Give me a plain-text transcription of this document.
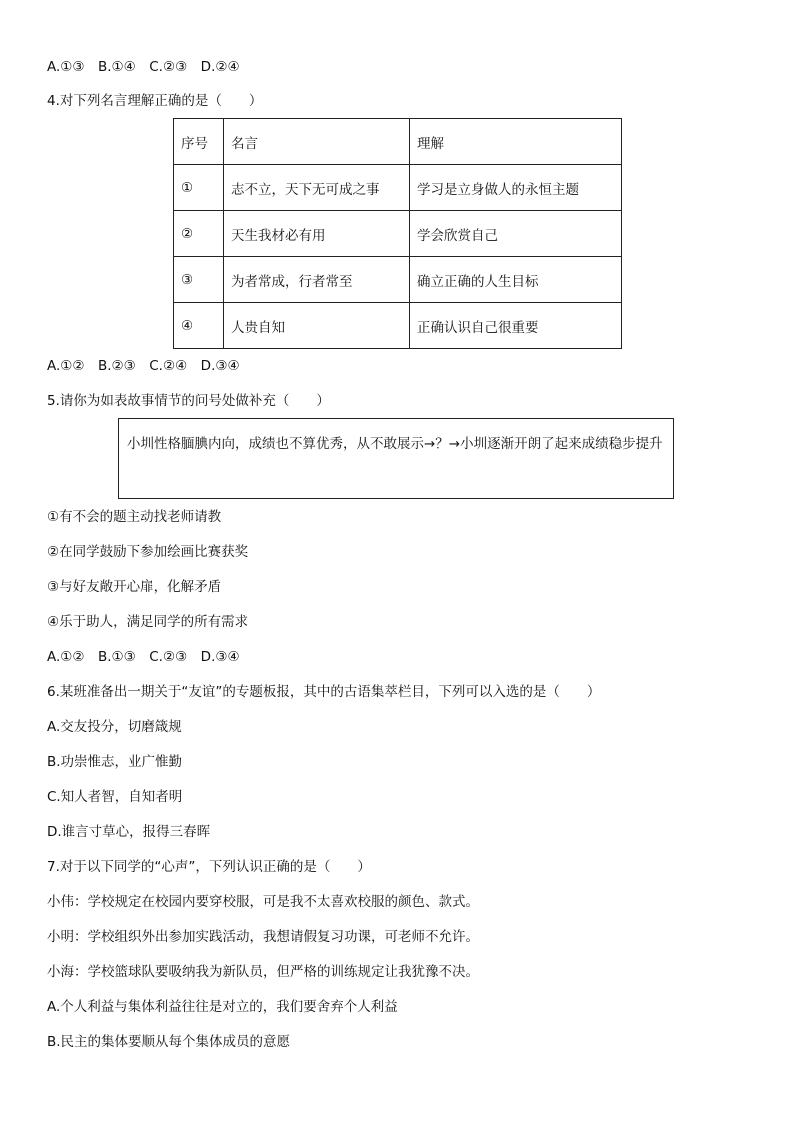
A.①③　B.①④　C.②③　D.②④
4.对下列名言理解正确的是（　　）
序号	名言	理解
①	志不立，天下无可成之事	学习是立身做人的永恒主题
②	天生我材必有用	学会欣赏自己
③	为者常成，行者常至	确立正确的人生目标
④	人贵自知	正确认识自己很重要
A.①②　B.②③　C.②④　D.③④
5.请你为如表故事情节的问号处做补充（　　）
小圳性格腼腆内向，成绩也不算优秀，从不敢展示→？→小圳逐渐开朗了起来成绩稳步提升
①有不会的题主动找老师请教
②在同学鼓励下参加绘画比赛获奖
③与好友敞开心扉，化解矛盾
④乐于助人，满足同学的所有需求
A.①②　B.①③　C.②③　D.③④
6.某班准备出一期关于“友谊”的专题板报，其中的古语集萃栏目，下列可以入选的是（　　）
A.交友投分，切磨箴规
B.功崇惟志，业广惟勤
C.知人者智，自知者明
D.谁言寸草心，报得三春晖
7.对于以下同学的“心声”，下列认识正确的是（　　）
小伟：学校规定在校园内要穿校服，可是我不太喜欢校服的颜色、款式。
小明：学校组织外出参加实践活动，我想请假复习功课，可老师不允许。
小海：学校篮球队要吸纳我为新队员，但严格的训练规定让我犹豫不决。
A.个人利益与集体利益往往是对立的，我们要舍弃个人利益
B.民主的集体要顺从每个集体成员的意愿
